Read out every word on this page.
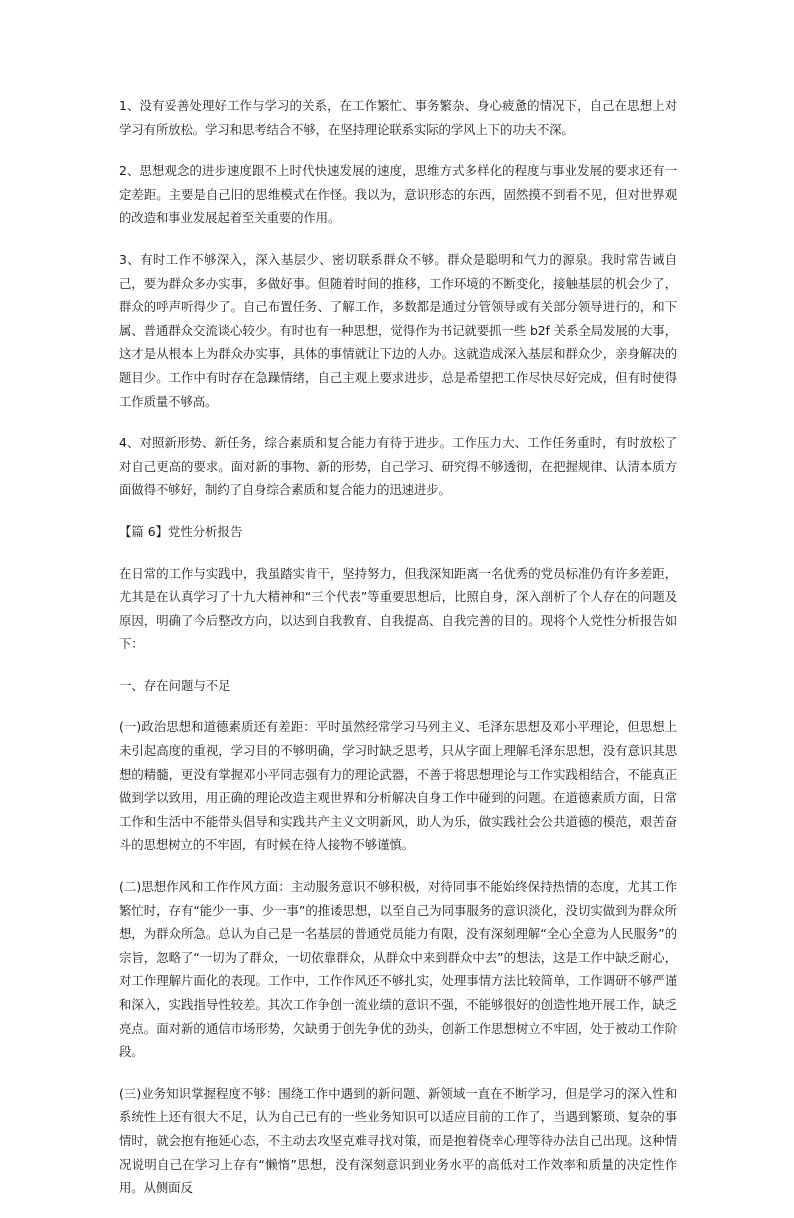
1、没有妥善处理好工作与学习的关系，在工作繁忙、事务繁杂、身心疲惫的情况下，自己在思想上对学习有所放松。学习和思考结合不够，在坚持理论联系实际的学风上下的功夫不深。

2、思想观念的进步速度跟不上时代快速发展的速度，思维方式多样化的程度与事业发展的要求还有一定差距。主要是自己旧的思维模式在作怪。我以为，意识形态的东西，固然摸不到看不见，但对世界观的改造和事业发展起着至关重要的作用。

3、有时工作不够深入，深入基层少、密切联系群众不够。群众是聪明和气力的源泉。我时常告诫自己，要为群众多办实事，多做好事。但随着时间的推移，工作环境的不断变化，接触基层的机会少了，群众的呼声听得少了。自己布置任务、了解工作，多数都是通过分管领导或有关部分领导进行的，和下属、普通群众交流谈心较少。有时也有一种思想，觉得作为书记就要抓一些 b2f 关系全局发展的大事，这才是从根本上为群众办实事，具体的事情就让下边的人办。这就造成深入基层和群众少，亲身解决的题目少。工作中有时存在急躁情绪，自己主观上要求进步，总是希望把工作尽快尽好完成，但有时使得工作质量不够高。

4、对照新形势、新任务，综合素质和复合能力有待于进步。工作压力大、工作任务重时，有时放松了对自己更高的要求。面对新的事物、新的形势，自己学习、研究得不够透彻，在把握规律、认清本质方面做得不够好，制约了自身综合素质和复合能力的迅速进步。

【篇 6】党性分析报告

在日常的工作与实践中，我虽踏实肯干，坚持努力，但我深知距离一名优秀的党员标准仍有许多差距，尤其是在认真学习了十九大精神和“三个代表”等重要思想后，比照自身，深入剖析了个人存在的问题及原因，明确了今后整改方向，以达到自我教育、自我提高、自我完善的目的。现将个人党性分析报告如下：

一、存在问题与不足

(一)政治思想和道德素质还有差距：平时虽然经常学习马列主义、毛泽东思想及邓小平理论，但思想上未引起高度的重视，学习目的不够明确，学习时缺乏思考，只从字面上理解毛泽东思想，没有意识其思想的精髓，更没有掌握邓小平同志强有力的理论武器，不善于将思想理论与工作实践相结合，不能真正做到学以致用，用正确的理论改造主观世界和分析解决自身工作中碰到的问题。在道德素质方面，日常工作和生活中不能带头倡导和实践共产主义文明新风，助人为乐，做实践社会公共道德的模范，艰苦奋斗的思想树立的不牢固，有时候在待人接物不够谨慎。

(二)思想作风和工作作风方面：主动服务意识不够积极，对待同事不能始终保持热情的态度，尤其工作繁忙时，存有“能少一事、少一事”的推诿思想，以至自己为同事服务的意识淡化，没切实做到为群众所想，为群众所急。总认为自己是一名基层的普通党员能力有限，没有深刻理解“全心全意为人民服务”的宗旨，忽略了“一切为了群众，一切依靠群众，从群众中来到群众中去”的想法，这是工作中缺乏耐心，对工作理解片面化的表现。工作中，工作作风还不够扎实，处理事情方法比较简单，工作调研不够严谨和深入，实践指导性较差。其次工作争创一流业绩的意识不强，不能够很好的创造性地开展工作，缺乏亮点。面对新的通信市场形势，欠缺勇于创先争优的劲头，创新工作思想树立不牢固，处于被动工作阶段。

(三)业务知识掌握程度不够：围绕工作中遇到的新问题、新领域一直在不断学习，但是学习的深入性和系统性上还有很大不足，认为自己已有的一些业务知识可以适应目前的工作了，当遇到繁琐、复杂的事情时，就会抱有拖延心态，不主动去攻坚克难寻找对策，而是抱着侥幸心理等待办法自己出现。这种情况说明自己在学习上存有“懒惰”思想，没有深刻意识到业务水平的高低对工作效率和质量的决定性作用。从侧面反
